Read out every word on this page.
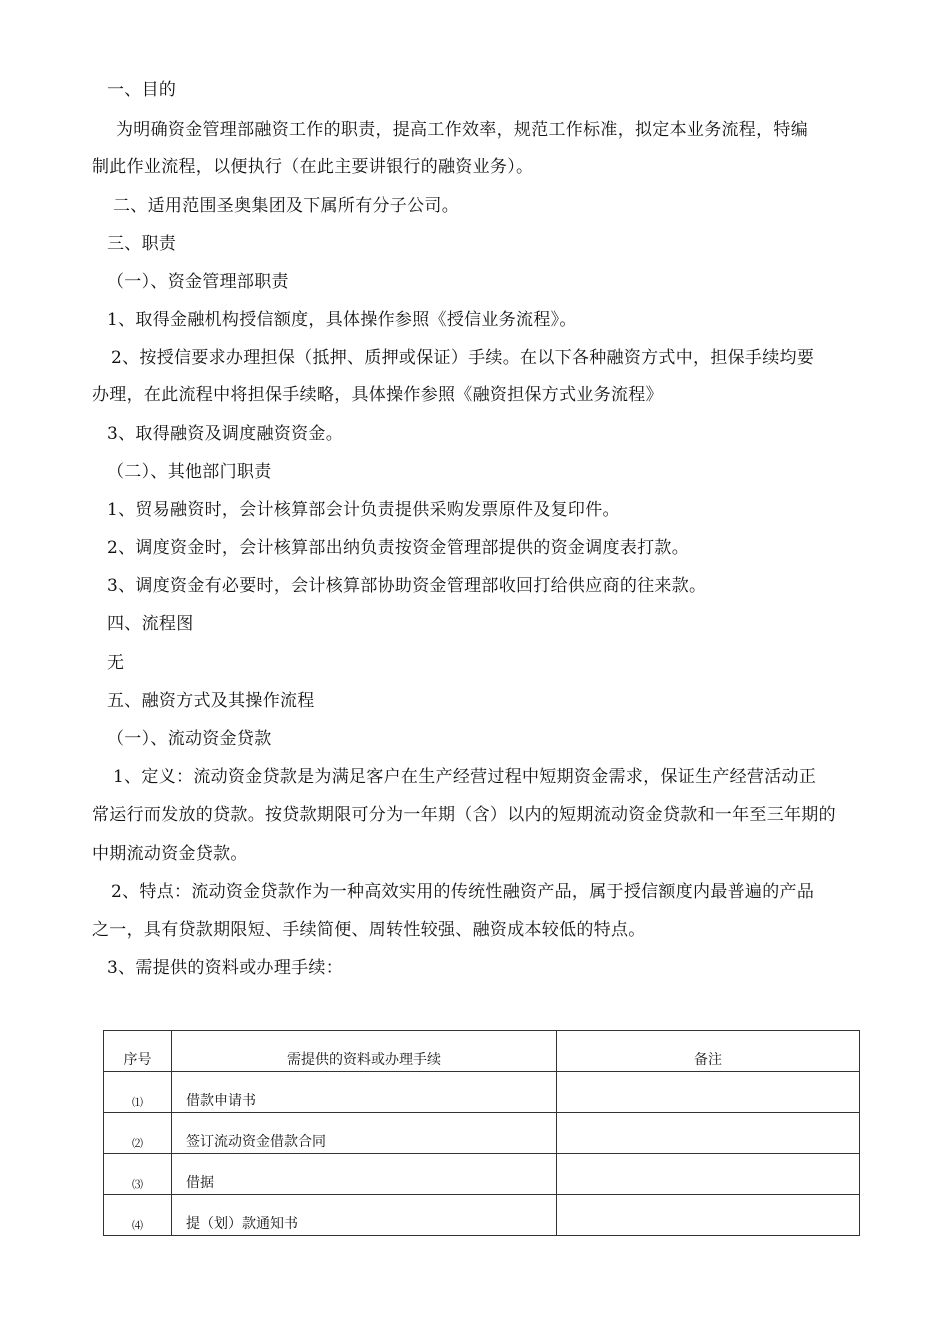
一、目的
为明确资金管理部融资工作的职责，提高工作效率，规范工作标准，拟定本业务流程，特编
制此作业流程，以便执行（在此主要讲银行的融资业务）。
二、适用范围圣奥集团及下属所有分子公司。
三、职责
（一）、资金管理部职责
1、取得金融机构授信额度，具体操作参照《授信业务流程》。
2、按授信要求办理担保（抵押、质押或保证）手续。在以下各种融资方式中，担保手续均要
办理，在此流程中将担保手续略，具体操作参照《融资担保方式业务流程》
3、取得融资及调度融资资金。
（二）、其他部门职责
1、贸易融资时，会计核算部会计负责提供采购发票原件及复印件。
2、调度资金时，会计核算部出纳负责按资金管理部提供的资金调度表打款。
3、调度资金有必要时，会计核算部协助资金管理部收回打给供应商的往来款。
四、流程图
无
五、融资方式及其操作流程
（一）、流动资金贷款
1、定义：流动资金贷款是为满足客户在生产经营过程中短期资金需求，保证生产经营活动正
常运行而发放的贷款。按贷款期限可分为一年期（含）以内的短期流动资金贷款和一年至三年期的
中期流动资金贷款。
2、特点：流动资金贷款作为一种高效实用的传统性融资产品，属于授信额度内最普遍的产品
之一，具有贷款期限短、手续简便、周转性较强、融资成本较低的特点。
3、需提供的资料或办理手续：
序号	需提供的资料或办理手续	备注
⑴	借款申请书	
⑵	签订流动资金借款合同	
⑶	借据	
⑷	提（划）款通知书	
